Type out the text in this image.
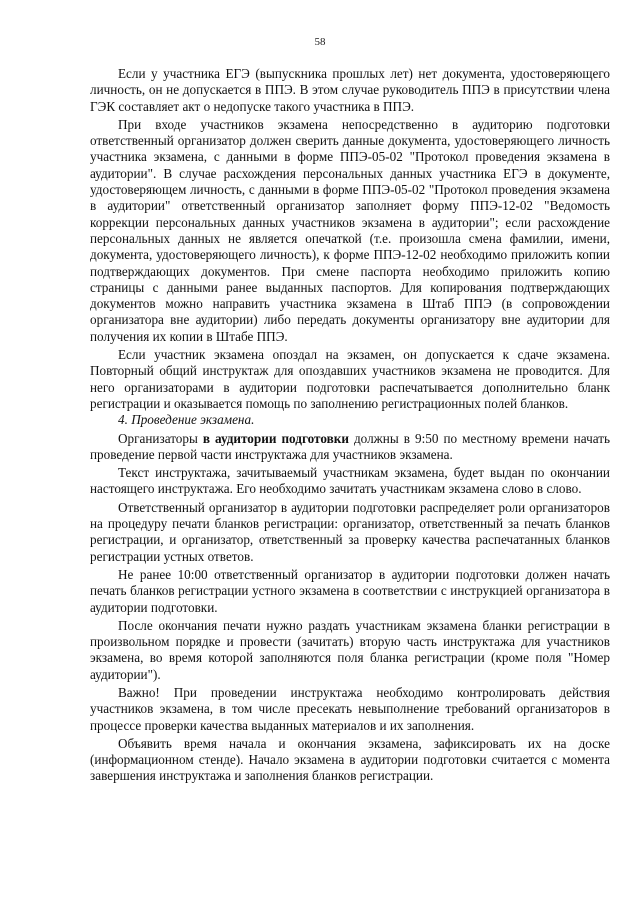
58

Если у участника ЕГЭ (выпускника прошлых лет) нет документа, удостоверяющего личность, он не допускается в ППЭ. В этом случае руководитель ППЭ в присутствии члена ГЭК составляет акт о недопуске такого участника в ППЭ.

При входе участников экзамена непосредственно в аудиторию подготовки ответственный организатор должен сверить данные документа, удостоверяющего личность участника экзамена, с данными в форме ППЭ-05-02 "Протокол проведения экзамена в аудитории". В случае расхождения персональных данных участника ЕГЭ в документе, удостоверяющем личность, с данными в форме ППЭ-05-02 "Протокол проведения экзамена в аудитории" ответственный организатор заполняет форму ППЭ-12-02 "Ведомость коррекции персональных данных участников экзамена в аудитории"; если расхождение персональных данных не является опечаткой (т.е. произошла смена фамилии, имени, документа, удостоверяющего личность), к форме ППЭ-12-02 необходимо приложить копии подтверждающих документов. При смене паспорта необходимо приложить копию страницы с данными ранее выданных паспортов. Для копирования подтверждающих документов можно направить участника экзамена в Штаб ППЭ (в сопровождении организатора вне аудитории) либо передать документы организатору вне аудитории для получения их копии в Штабе ППЭ.

Если участник экзамена опоздал на экзамен, он допускается к сдаче экзамена. Повторный общий инструктаж для опоздавших участников экзамена не проводится. Для него организаторами в аудитории подготовки распечатывается дополнительно бланк регистрации и оказывается помощь по заполнению регистрационных полей бланков.

4. Проведение экзамена.

Организаторы в аудитории подготовки должны в 9:50 по местному времени начать проведение первой части инструктажа для участников экзамена.

Текст инструктажа, зачитываемый участникам экзамена, будет выдан по окончании настоящего инструктажа. Его необходимо зачитать участникам экзамена слово в слово.

Ответственный организатор в аудитории подготовки распределяет роли организаторов на процедуру печати бланков регистрации: организатор, ответственный за печать бланков регистрации, и организатор, ответственный за проверку качества распечатанных бланков регистрации устных ответов.

Не ранее 10:00 ответственный организатор в аудитории подготовки должен начать печать бланков регистрации устного экзамена в соответствии с инструкцией организатора в аудитории подготовки.

После окончания печати нужно раздать участникам экзамена бланки регистрации в произвольном порядке и провести (зачитать) вторую часть инструктажа для участников экзамена, во время которой заполняются поля бланка регистрации (кроме поля "Номер аудитории").

Важно! При проведении инструктажа необходимо контролировать действия участников экзамена, в том числе пресекать невыполнение требований организаторов в процессе проверки качества выданных материалов и их заполнения.

Объявить время начала и окончания экзамена, зафиксировать их на доске (информационном стенде). Начало экзамена в аудитории подготовки считается с момента завершения инструктажа и заполнения бланков регистрации.
